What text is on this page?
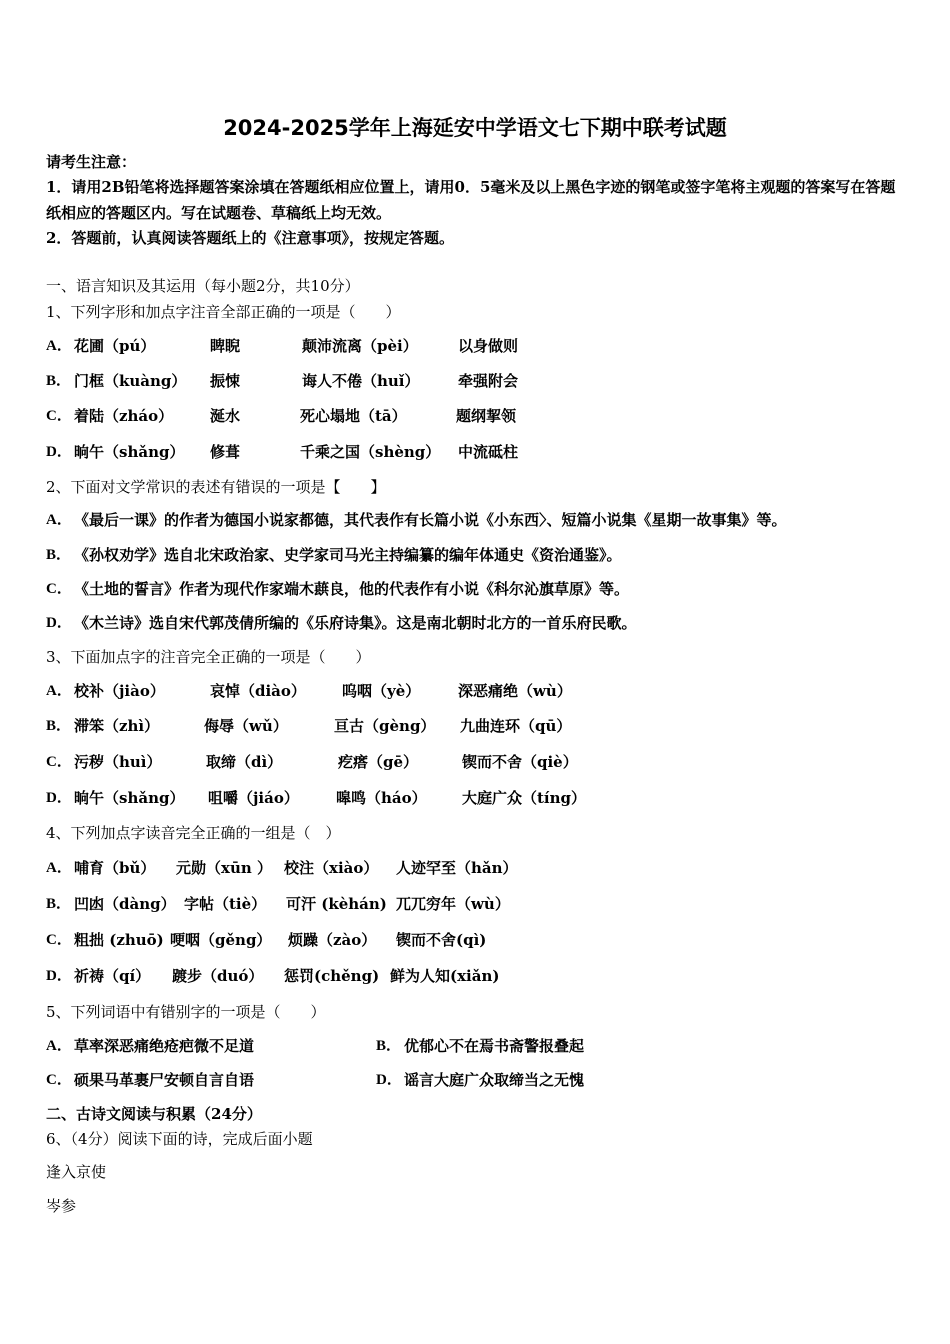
2024-2025学年上海延安中学语文七下期中联考试题
请考生注意：
1．请用2B铅笔将选择题答案涂填在答题纸相应位置上，请用0．5毫米及以上黑色字迹的钢笔或签字笔将主观题的答案写在答题纸相应的答题区内。写在试题卷、草稿纸上均无效。
2．答题前，认真阅读答题纸上的《注意事项》，按规定答题。
一、语言知识及其运用（每小题2分，共10分）
1、下列字形和加点字注音全部正确的一项是（　　）
A． 花圃（pú）	睥睨	颠沛流离（pèi）	以身做则
B． 门框（kuàng） 振悚	诲人不倦（huǐ）	牵强附会
C． 着陆（zháo） 涎水	死心塌地（tā）	题纲挈领
D． 晌午（shǎng） 修葺	千乘之国（shèng） 中流砥柱
2、下面对文学常识的表述有错误的一项是【　　】
A． 《最后一课》的作者为德国小说家都德，其代表作有长篇小说《小东西〉、短篇小说集《星期一故事集》等。
B． 《孙权劝学》选自北宋政治家、史学家司马光主持编纂的编年体通史《资治通鉴》。
C． 《土地的誓言》作者为现代作家端木蕻良，他的代表作有小说《科尔沁旗草原》等。
D． 《木兰诗》选自宋代郭茂倩所编的《乐府诗集》。这是南北朝时北方的一首乐府民歌。
3、下面加点字的注音完全正确的一项是（　　）
A． 校补（jiào）	哀悼（diào） 呜咽（yè）	深恶痛绝（wù）
B． 滞笨（zhì）	侮辱（wǔ）	亘古（gèng） 九曲连环（qū）
C． 污秽（huì）	取缔（dì）	疙瘩（gē）	锲而不舍（qiè）
D． 晌午（shǎng） 咀嚼（jiáo） 嗥鸣（háo） 大庭广众（tíng）
4、下列加点字读音完全正确的一组是（　）
A． 哺育（bǔ） 元勋（xūn ） 校注（xiào） 人迹罕至（hǎn）
B． 凹凼（dàng） 字帖（tiè） 可汗 (kèhán) 兀兀穷年（wù）
C． 粗拙 (zhuō) 哽咽（gěng） 烦躁（zào） 锲而不舍(qì)
D． 祈祷（qí） 踱步（duó） 惩罚(chěng) 鲜为人知(xiǎn)
5、下列词语中有错别字的一项是（　　）
A． 草率深恶痛绝疮疤微不足道	B． 优郁心不在焉书斋警报叠起
C． 硕果马革裹尸安顿自言自语	D． 谣言大庭广众取缔当之无愧
二、古诗文阅读与积累（24分）
6、（4分）阅读下面的诗，完成后面小题
逢入京使
岑参
